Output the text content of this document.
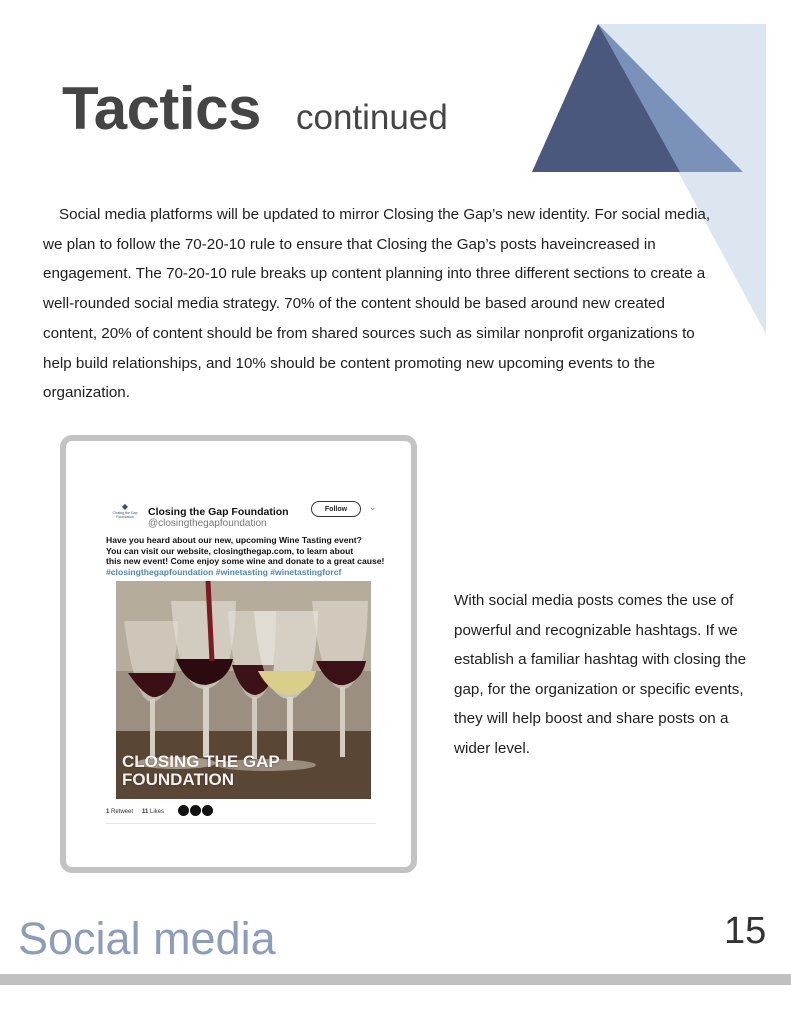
Tactics continued

Social media platforms will be updated to mirror Closing the Gap’s new identity. For social media, we plan to follow the 70-20-10 rule to ensure that Closing the Gap’s posts haveincreased in engagement. The 70-20-10 rule breaks up content planning into three different sections to create a well-rounded social media strategy. 70% of the content should be based around new created content, 20% of content should be from shared sources such as similar nonprofit organizations to help build relationships, and 10% should be content promoting new upcoming events to the organization.

◆
Closing the Gap Foundation	Closing the Gap Foundation
@closingthegapfoundation
Follow	⌄
Have you heard about our new, upcoming Wine Tasting event?
You can visit our website, closingthegap.com, to learn about
this new event! Come enjoy some wine and donate to a great cause!
#closingthegapfoundation #winetasting #winetastingforcf
CLOSING THE GAP
FOUNDATION
1 Retweet 11 Likes

With social media posts comes the use of powerful and recognizable hashtags. If we establish a familiar hashtag with closing the gap, for the organization or specific events, they will help boost and share posts on a wider level.

Social media	15
